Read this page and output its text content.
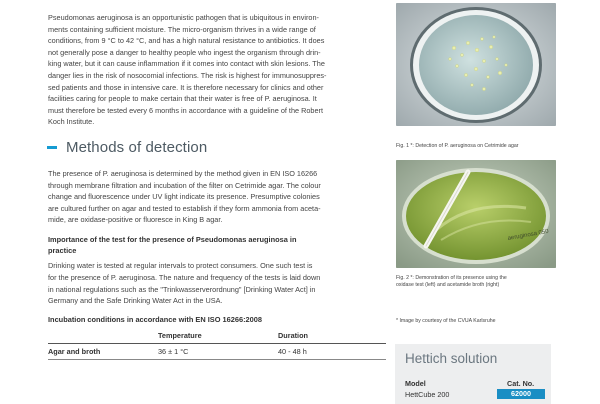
Pseudomonas aeruginosa is an opportunistic pathogen that is ubiquitous in environ-

ments containing sufficient moisture. The micro-organism thrives in a wide range of

conditions, from 9 °C to 42 °C, and has a high natural resistance to antibiotics. It does

not generally pose a danger to healthy people who ingest the organism through drin-

king water, but it can cause inflammation if it comes into contact with skin lesions. The

danger lies in the risk of nosocomial infections. The risk is highest for immunosuppres-

sed patients and those in intensive care. It is therefore necessary for clinics and other

facilities caring for people to make certain that their water is free of P. aeruginosa. It

must therefore be tested every 6 months in accordance with a guideline of the Robert

Koch Institute.

Methods of detection

The presence of P. aeruginosa is determined by the method given in EN ISO 16266

through membrane filtration and incubation of the filter on Cetrimide agar. The colour

change and fluorescence under UV light indicate its presence. Presumptive colonies

are cultured further on agar and tested to establish if they form ammonia from aceta-

mide, are oxidase-positive or fluoresce in King B agar.

Importance of the test for the presence of Pseudomonas aeruginosa in
practice

Drinking water is tested at regular intervals to protect consumers. One such test is

for the presence of P. aeruginosa. The nature and frequency of the tests is laid down

in national regulations such as the "Trinkwasserverordnung" [Drinking Water Act] in

Germany and the Safe Drinking Water Act in the USA.

Incubation conditions in accordance with EN ISO 16266:2008
	Temperature	Duration
Agar and broth	36 ± 1 °C	40 - 48 h
Fig. 1 *: Detection of P. aeruginosa on Cetrimide agar
aeruginosa 050
Fig. 2 *: Demonstration of its presence using the
oxidase test (left) and acetamide broth (right)
* Image by courtesy of the CVUA Karlsruhe
Hettich solution
Model	Cat. No.
HettCube 200	62000
